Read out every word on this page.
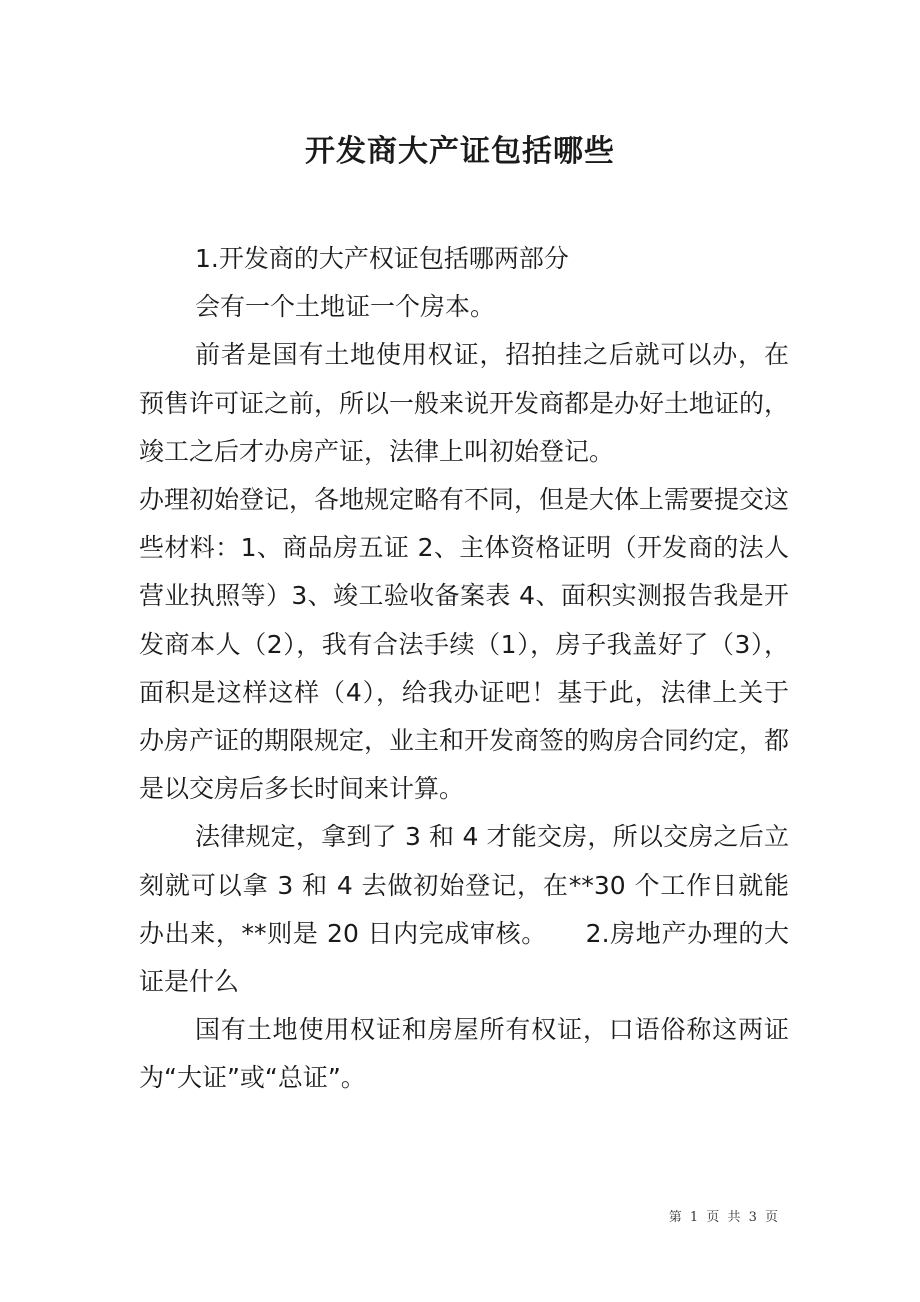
开发商大产证包括哪些

1.开发商的大产权证包括哪两部分

会有一个土地证一个房本。

前者是国有土地使用权证，招拍挂之后就可以办，在预售许可证之前，所以一般来说开发商都是办好土地证的，竣工之后才办房产证，法律上叫初始登记。

办理初始登记，各地规定略有不同，但是大体上需要提交这些材料：1、商品房五证 2、主体资格证明（开发商的法人营业执照等）3、竣工验收备案表 4、面积实测报告我是开发商本人（2），我有合法手续（1），房子我盖好了（3），面积是这样这样（4），给我办证吧！基于此，法律上关于办房产证的期限规定，业主和开发商签的购房合同约定，都是以交房后多长时间来计算。

法律规定，拿到了 3 和 4 才能交房，所以交房之后立刻就可以拿 3 和 4 去做初始登记，在**30 个工作日就能办出来，**则是 20 日内完成审核。　　2.房地产办理的大证是什么

国有土地使用权证和房屋所有权证，口语俗称这两证为“大证”或“总证”。

第 1 页 共 3 页
